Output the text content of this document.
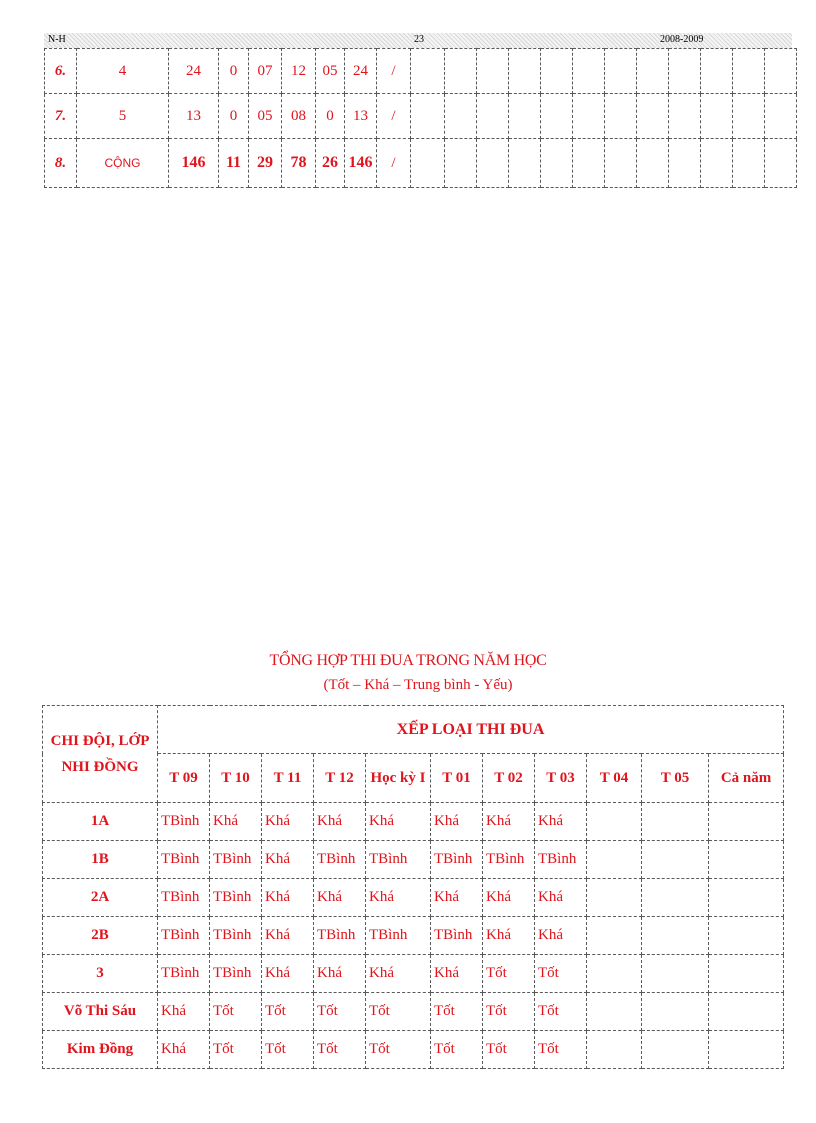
N-H	23	2008-2009
6.	4	24	0	07	12	05	24	/												
7.	5	13	0	05	08	0	13	/												
8.	CỘNG	146	11	29	78	26	146	/												
TỔNG HỢP THI ĐUA TRONG NĂM HỌC
(Tốt – Khá – Trung bình - Yếu)
CHI ĐỘI, LỚP
NHI ĐỒNG	XẾP LOẠI THI ĐUA										
	T 09	T 10	T 11	T 12	Học kỳ I	T 01	T 02	T 03	T 04	T 05	Cả năm
1A	TBình	Khá	Khá	Khá	Khá	Khá	Khá	Khá			
1B	TBình	TBình	Khá	TBình	TBình	TBình	TBình	TBình			
2A	TBình	TBình	Khá	Khá	Khá	Khá	Khá	Khá			
2B	TBình	TBình	Khá	TBình	TBình	TBình	Khá	Khá			
3	TBình	TBình	Khá	Khá	Khá	Khá	Tốt	Tốt			
Võ Thi Sáu	Khá	Tốt	Tốt	Tốt	Tốt	Tốt	Tốt	Tốt			
Kim Đồng	Khá	Tốt	Tốt	Tốt	Tốt	Tốt	Tốt	Tốt			
